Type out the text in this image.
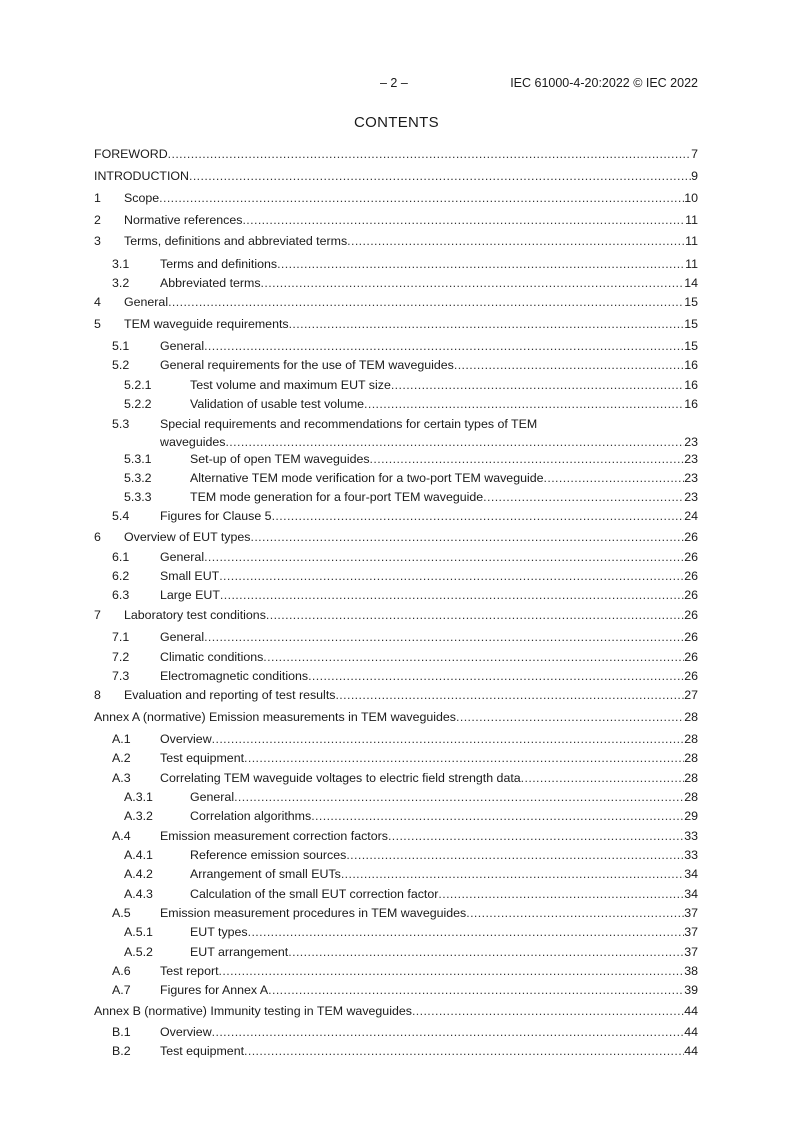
– 2 –	IEC 61000-4-20:2022 © IEC 2022
CONTENTS
FOREWORD .....	7
INTRODUCTION .....	9
1 Scope .....	10
2 Normative references .....	11
3 Terms, definitions and abbreviated terms .....	11
3.1 Terms and definitions .....	11
3.2 Abbreviated terms .....	14
4 General .....	15
5 TEM waveguide requirements .....	15
5.1 General .....	15
5.2 General requirements for the use of TEM waveguides .....	16
5.2.1	Test volume and maximum EUT size .....	16
5.2.2	Validation of usable test volume .....	16
5.3 Special requirements and recommendations for certain types of TEM
waveguides .....	23
5.3.1	Set-up of open TEM waveguides .....	23
5.3.2	Alternative TEM mode verification for a two-port TEM waveguide .....	23
5.3.3	TEM mode generation for a four-port TEM waveguide .....	23
5.4 Figures for Clause 5 .....	24
6 Overview of EUT types .....	26
6.1 General .....	26
6.2 Small EUT .....	26
6.3 Large EUT .....	26
7 Laboratory test conditions .....	26
7.1 General .....	26
7.2 Climatic conditions .....	26
7.3 Electromagnetic conditions .....	26
8 Evaluation and reporting of test results .....	27
Annex A (normative) Emission measurements in TEM waveguides .....	28
A.1 Overview .....	28
A.2 Test equipment .....	28
A.3 Correlating TEM waveguide voltages to electric field strength data .....	28
A.3.1	General .....	28
A.3.2	Correlation algorithms .....	29
A.4 Emission measurement correction factors .....	33
A.4.1	Reference emission sources .....	33
A.4.2	Arrangement of small EUTs .....	34
A.4.3	Calculation of the small EUT correction factor .....	34
A.5 Emission measurement procedures in TEM waveguides .....	37
A.5.1	EUT types .....	37
A.5.2	EUT arrangement .....	37
A.6 Test report .....	38
A.7 Figures for Annex A .....	39
Annex B (normative) Immunity testing in TEM waveguides .....	44
B.1 Overview .....	44
B.2 Test equipment .....	44
